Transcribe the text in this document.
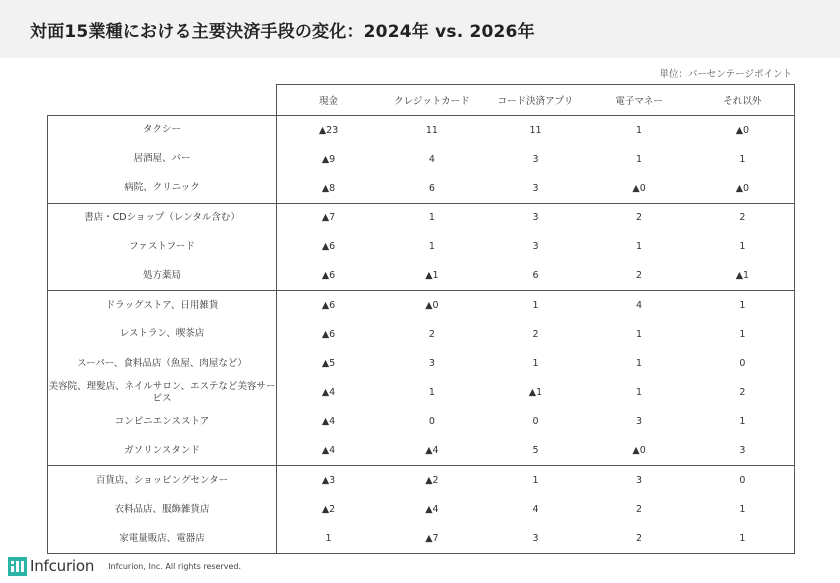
対面15業種における主要決済手段の変化：2024年 vs. 2026年
単位：パーセンテージポイント
	現金	クレジットカード	コード決済アプリ	電子マネー	それ以外
タクシー	▲23	11	11	1	▲0
居酒屋、バー	▲9	4	3	1	1
病院、クリニック	▲8	6	3	▲0	▲0
書店・CDショップ（レンタル含む）	▲7	1	3	2	2
ファストフード	▲6	1	3	1	1
処方薬局	▲6	▲1	6	2	▲1
ドラッグストア、日用雑貨	▲6	▲0	1	4	1
レストラン、喫茶店	▲6	2	2	1	1
スーパー、食料品店（魚屋、肉屋など）	▲5	3	1	1	0
美容院、理髪店、ネイルサロン、エステなど美容サービス	▲4	1	▲1	1	2
コンビニエンスストア	▲4	0	0	3	1
ガソリンスタンド	▲4	▲4	5	▲0	3
百貨店、ショッピングセンター	▲3	▲2	1	3	0
衣料品店、服飾雑貨店	▲2	▲4	4	2	1
家電量販店、電器店	1	▲7	3	2	1
Infcurion Infcurion, Inc. All rights reserved.
